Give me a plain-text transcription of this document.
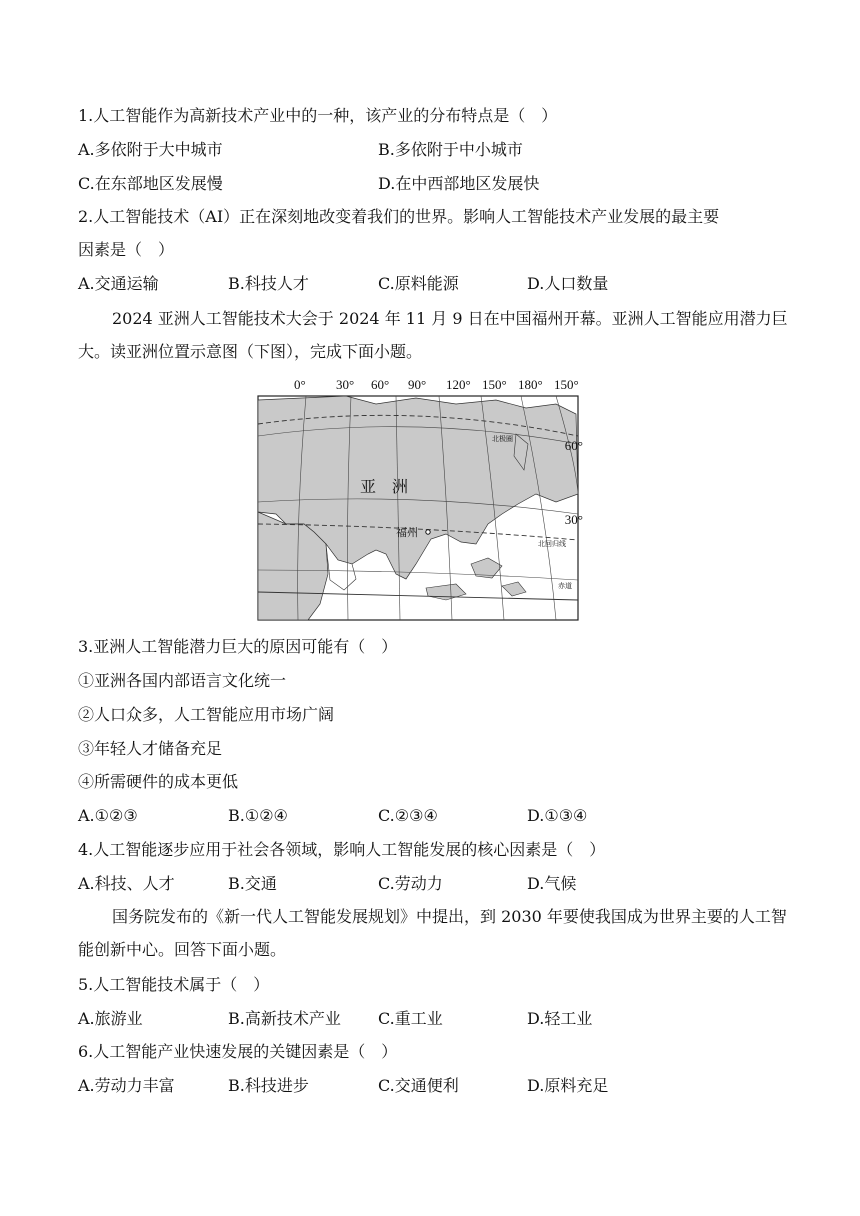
1.人工智能作为高新技术产业中的一种，该产业的分布特点是（　）
A.多依附于大中城市	B.多依附于中小城市
C.在东部地区发展慢	D.在中西部地区发展快
2.人工智能技术（AI）正在深刻地改变着我们的世界。影响人工智能技术产业发展的最主要
因素是（　）
A.交通运输	B.科技人才	C.原料能源	D.人口数量
2024 亚洲人工智能技术大会于 2024 年 11 月 9 日在中国福州开幕。亚洲人工智能应用潜力巨大。读亚洲位置示意图（下图），完成下面小题。
0° 30° 60° 90° 120° 150° 180° 150°
60°
30°
亚　洲
福州
北极圈
北回归线
赤道
3.亚洲人工智能潜力巨大的原因可能有（　）
①亚洲各国内部语言文化统一
②人口众多，人工智能应用市场广阔
③年轻人才储备充足
④所需硬件的成本更低
A.①②③	B.①②④	C.②③④	D.①③④
4.人工智能逐步应用于社会各领域，影响人工智能发展的核心因素是（　）
A.科技、人才	B.交通	C.劳动力	D.气候
国务院发布的《新一代人工智能发展规划》中提出，到 2030 年要使我国成为世界主要的人工智能创新中心。回答下面小题。
5.人工智能技术属于（　）
A.旅游业	B.高新技术产业 C.重工业	D.轻工业
6.人工智能产业快速发展的关键因素是（　）
A.劳动力丰富	B.科技进步	C.交通便利	D.原料充足
